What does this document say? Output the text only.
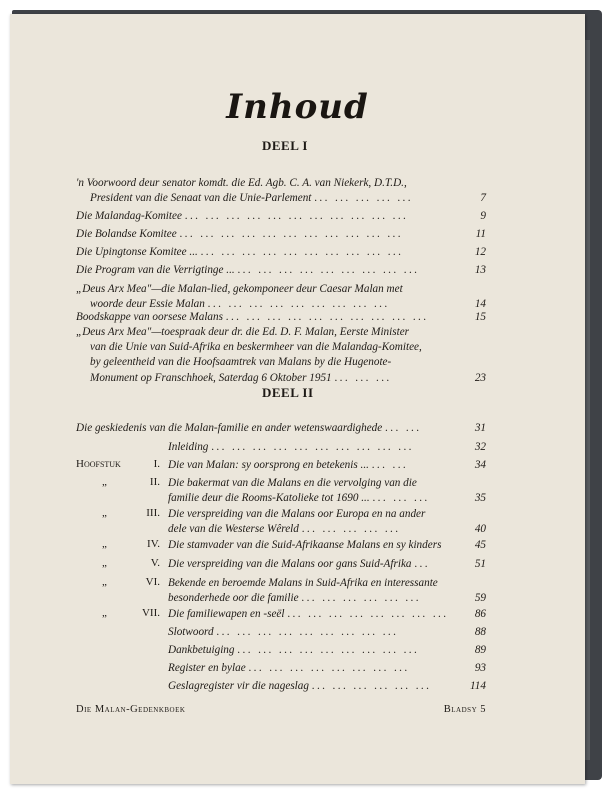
Inhoud
DEEL I
'n Voorwoord deur senator komdt. die Ed. Agb. C. A. van Niekerk, D.T.D.,
President van die Senaat van die Unie-Parlement ... ... ... ... ...	7
Die Malandag-Komitee ... ... ... ... ... ... ... ... ... ... ...	9
Die Bolandse Komitee ... ... ... ... ... ... ... ... ... ... ...	11
Die Upingtonse Komitee ... ... ... ... ... ... ... ... ... ... ...	12
Die Program van die Verrigtinge ... ... ... ... ... ... ... ... ... ...	13
„Deus Arx Mea"—die Malan-lied, gekomponeer deur Caesar Malan met
woorde deur Essie Malan ... ... ... ... ... ... ... ... ...	14
Boodskappe van oorsese Malans ... ... ... ... ... ... ... ... ... ...	15
„Deus Arx Mea"—toespraak deur dr. die Ed. D. F. Malan, Eerste Minister
van die Unie van Suid-Afrika en beskermheer van die Malandag-Komitee,
by geleentheid van die Hoofsaamtrek van Malans by die Hugenote-
Monument op Franschhoek, Saterdag 6 Oktober 1951 ... ... ...	23
DEEL II
Die geskiedenis van die Malan-familie en ander wetenswaardighede ... ...	31
Inleiding ... ... ... ... ... ... ... ... ... ...	32
Hoofstuk	I. Die van Malan: sy oorsprong en betekenis ... ... ...	34
„	II. Die bakermat van die Malans en die vervolging van die
familie deur die Rooms-Katolieke tot 1690 ... ... ... ...	35
„	III. Die verspreiding van die Malans oor Europa en na ander
dele van die Westerse Wêreld ... ... ... ... ...	40
„	IV. Die stamvader van die Suid-Afrikaanse Malans en sy kinders	45
„	V. Die verspreiding van die Malans oor gans Suid-Afrika ...	51
„	VI. Bekende en beroemde Malans in Suid-Afrika en interessante
besonderhede oor die familie ... ... ... ... ... ...	59
„	VII. Die familiewapen en -seël ... ... ... ... ... ... ... ...	86
Slotwoord ... ... ... ... ... ... ... ... ...	88
Dankbetuiging ... ... ... ... ... ... ... ... ...	89
Register en bylae ... ... ... ... ... ... ... ...	93
Geslagregister vir die nageslag ... ... ... ... ... ...	114
Die Malan-Gedenkboek	Bladsy 5
